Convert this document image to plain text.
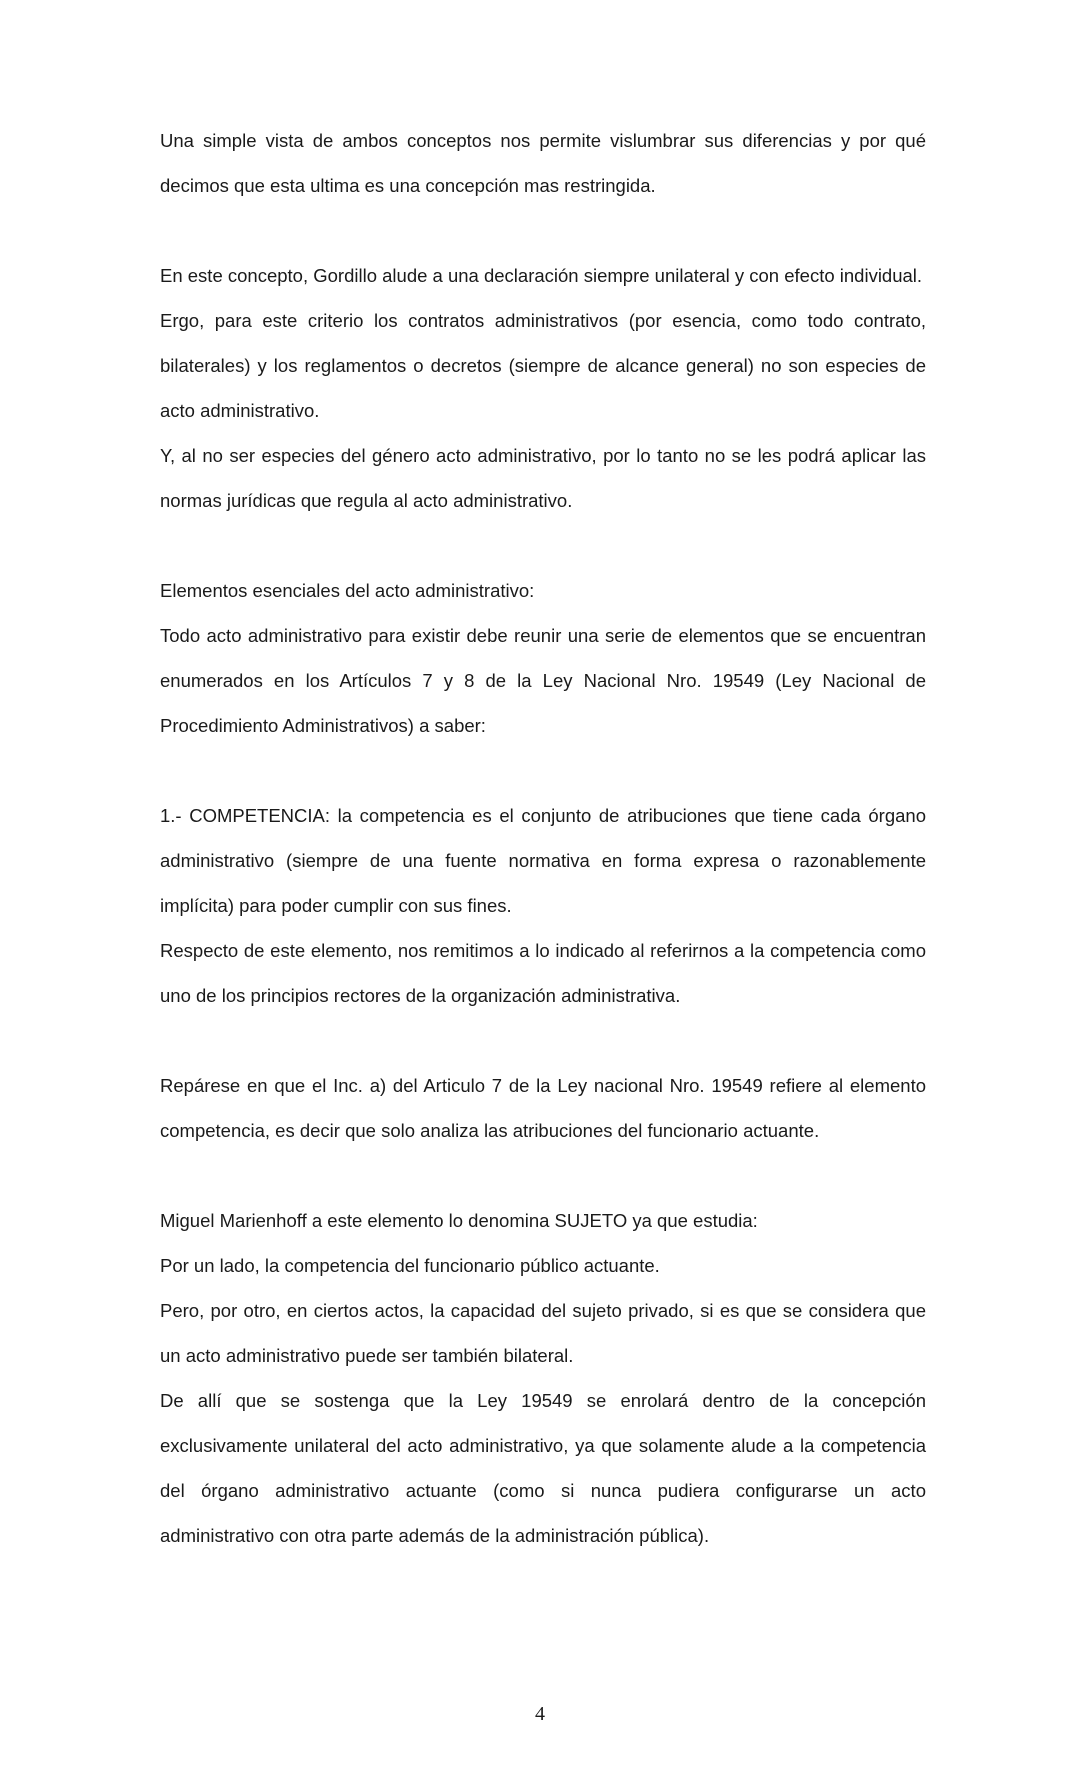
Una simple vista de ambos conceptos nos permite vislumbrar sus diferencias y por qué decimos que esta ultima es una concepción mas restringida.

En este concepto, Gordillo alude a una declaración siempre unilateral y con efecto individual.

Ergo, para este criterio los contratos administrativos (por esencia, como todo contrato, bilaterales) y los reglamentos o decretos (siempre de alcance general) no son especies de acto administrativo.

Y, al no ser especies del género acto administrativo, por lo tanto no se les podrá aplicar las normas jurídicas que regula al acto administrativo.

Elementos esenciales del acto administrativo:

Todo acto administrativo para existir debe reunir una serie de elementos que se encuentran enumerados en los Artículos 7 y 8 de la Ley Nacional Nro. 19549 (Ley Nacional de Procedimiento Administrativos) a saber:

1.- COMPETENCIA: la competencia es el conjunto de atribuciones que tiene cada órgano administrativo (siempre de una fuente normativa en forma expresa o razonablemente implícita) para poder cumplir con sus fines.

Respecto de este elemento, nos remitimos a lo indicado al referirnos a la competencia como uno de los principios rectores de la organización administrativa.

Repárese en que el Inc. a) del Articulo 7 de la Ley nacional Nro. 19549 refiere al elemento competencia, es decir que solo analiza las atribuciones del funcionario actuante.

Miguel Marienhoff a este elemento lo denomina SUJETO ya que estudia:

Por un lado, la competencia del funcionario público actuante.

Pero, por otro, en ciertos actos, la capacidad del sujeto privado, si es que se considera que un acto administrativo puede ser también bilateral.

De allí que se sostenga que la Ley 19549 se enrolará dentro de la concepción exclusivamente unilateral del acto administrativo, ya que solamente alude a la competencia del órgano administrativo actuante (como si nunca pudiera configurarse un acto administrativo con otra parte además de la administración pública).

4
